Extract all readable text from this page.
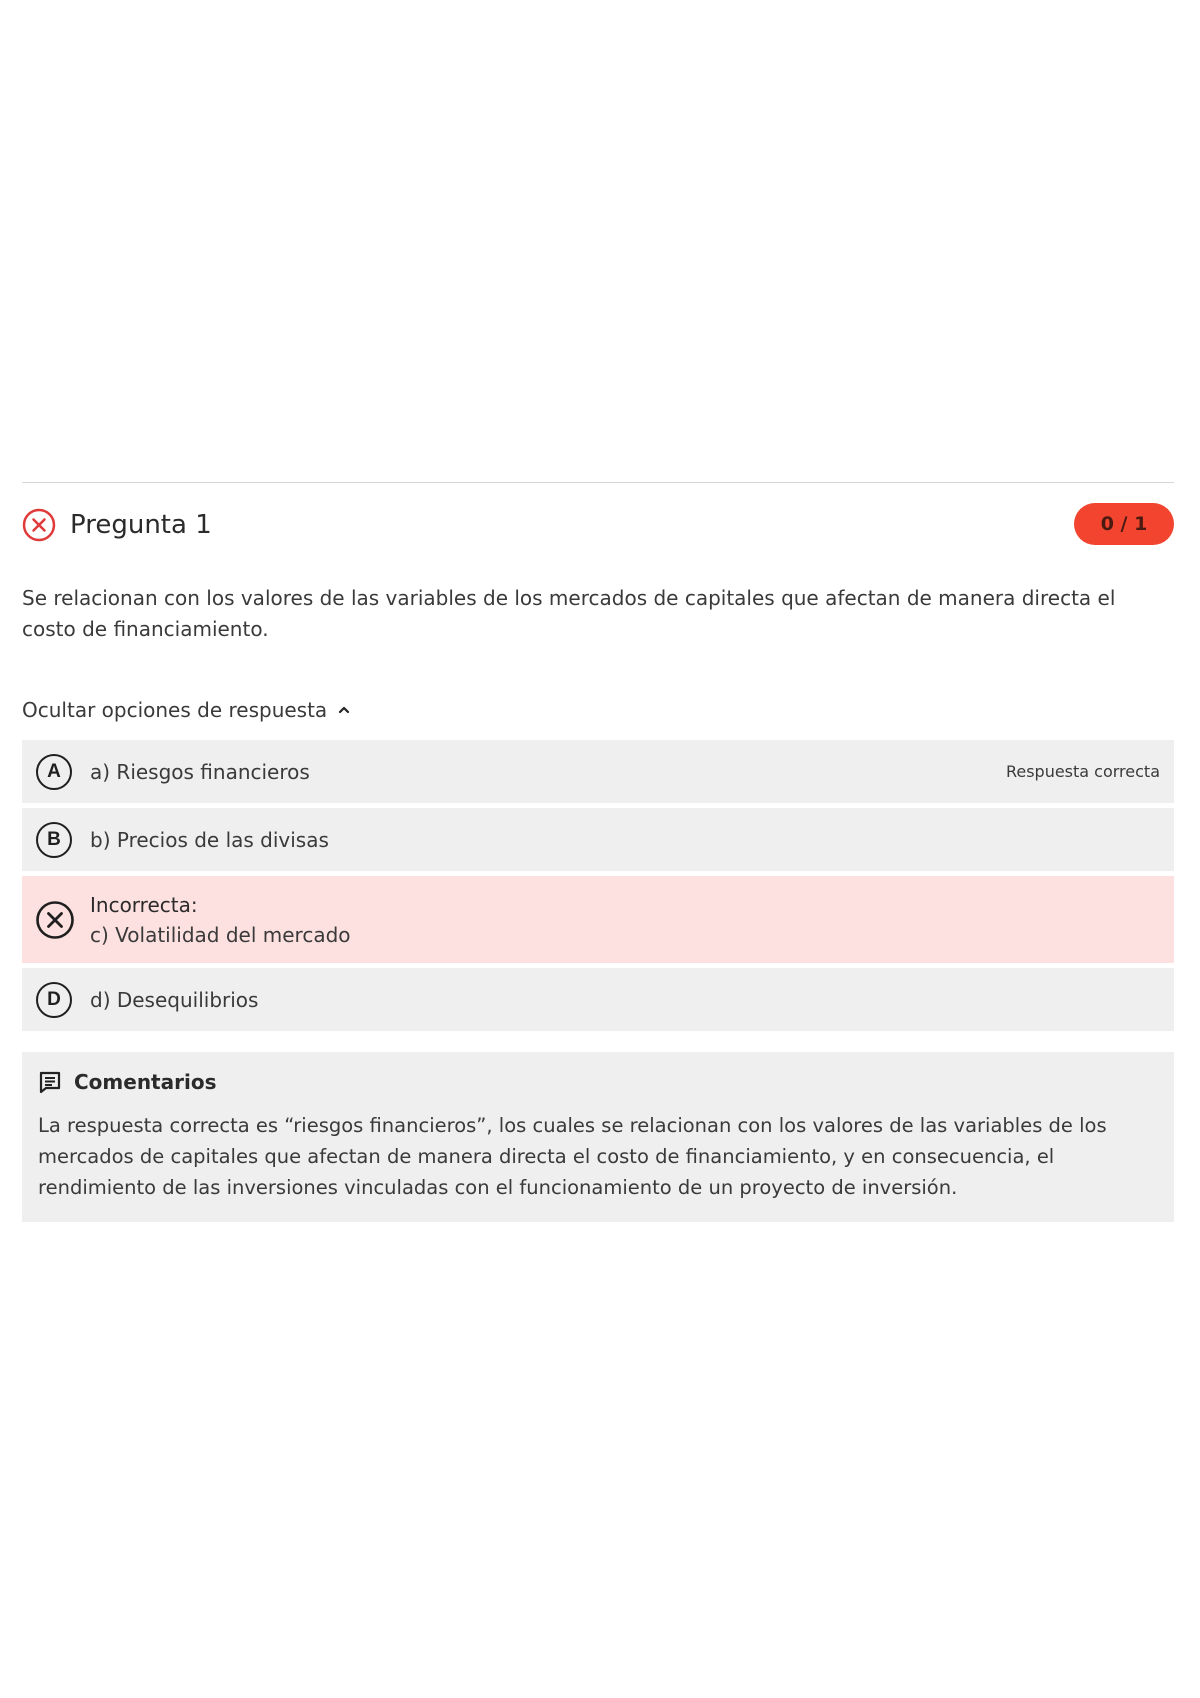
Pregunta 1	0 / 1
Se relacionan con los valores de las variables de los mercados de capitales que afectan de manera directa el costo de financiamiento.
Ocultar opciones de respuesta
A	a) Riesgos financieros	Respuesta correcta
B	b) Precios de las divisas
Incorrecta:
c) Volatilidad del mercado
D	d) Desequilibrios
Comentarios
La respuesta correcta es “riesgos financieros”, los cuales se relacionan con los valores de las variables de los mercados de capitales que afectan de manera directa el costo de financiamiento, y en consecuencia, el rendimiento de las inversiones vinculadas con el funcionamiento de un proyecto de inversión.
